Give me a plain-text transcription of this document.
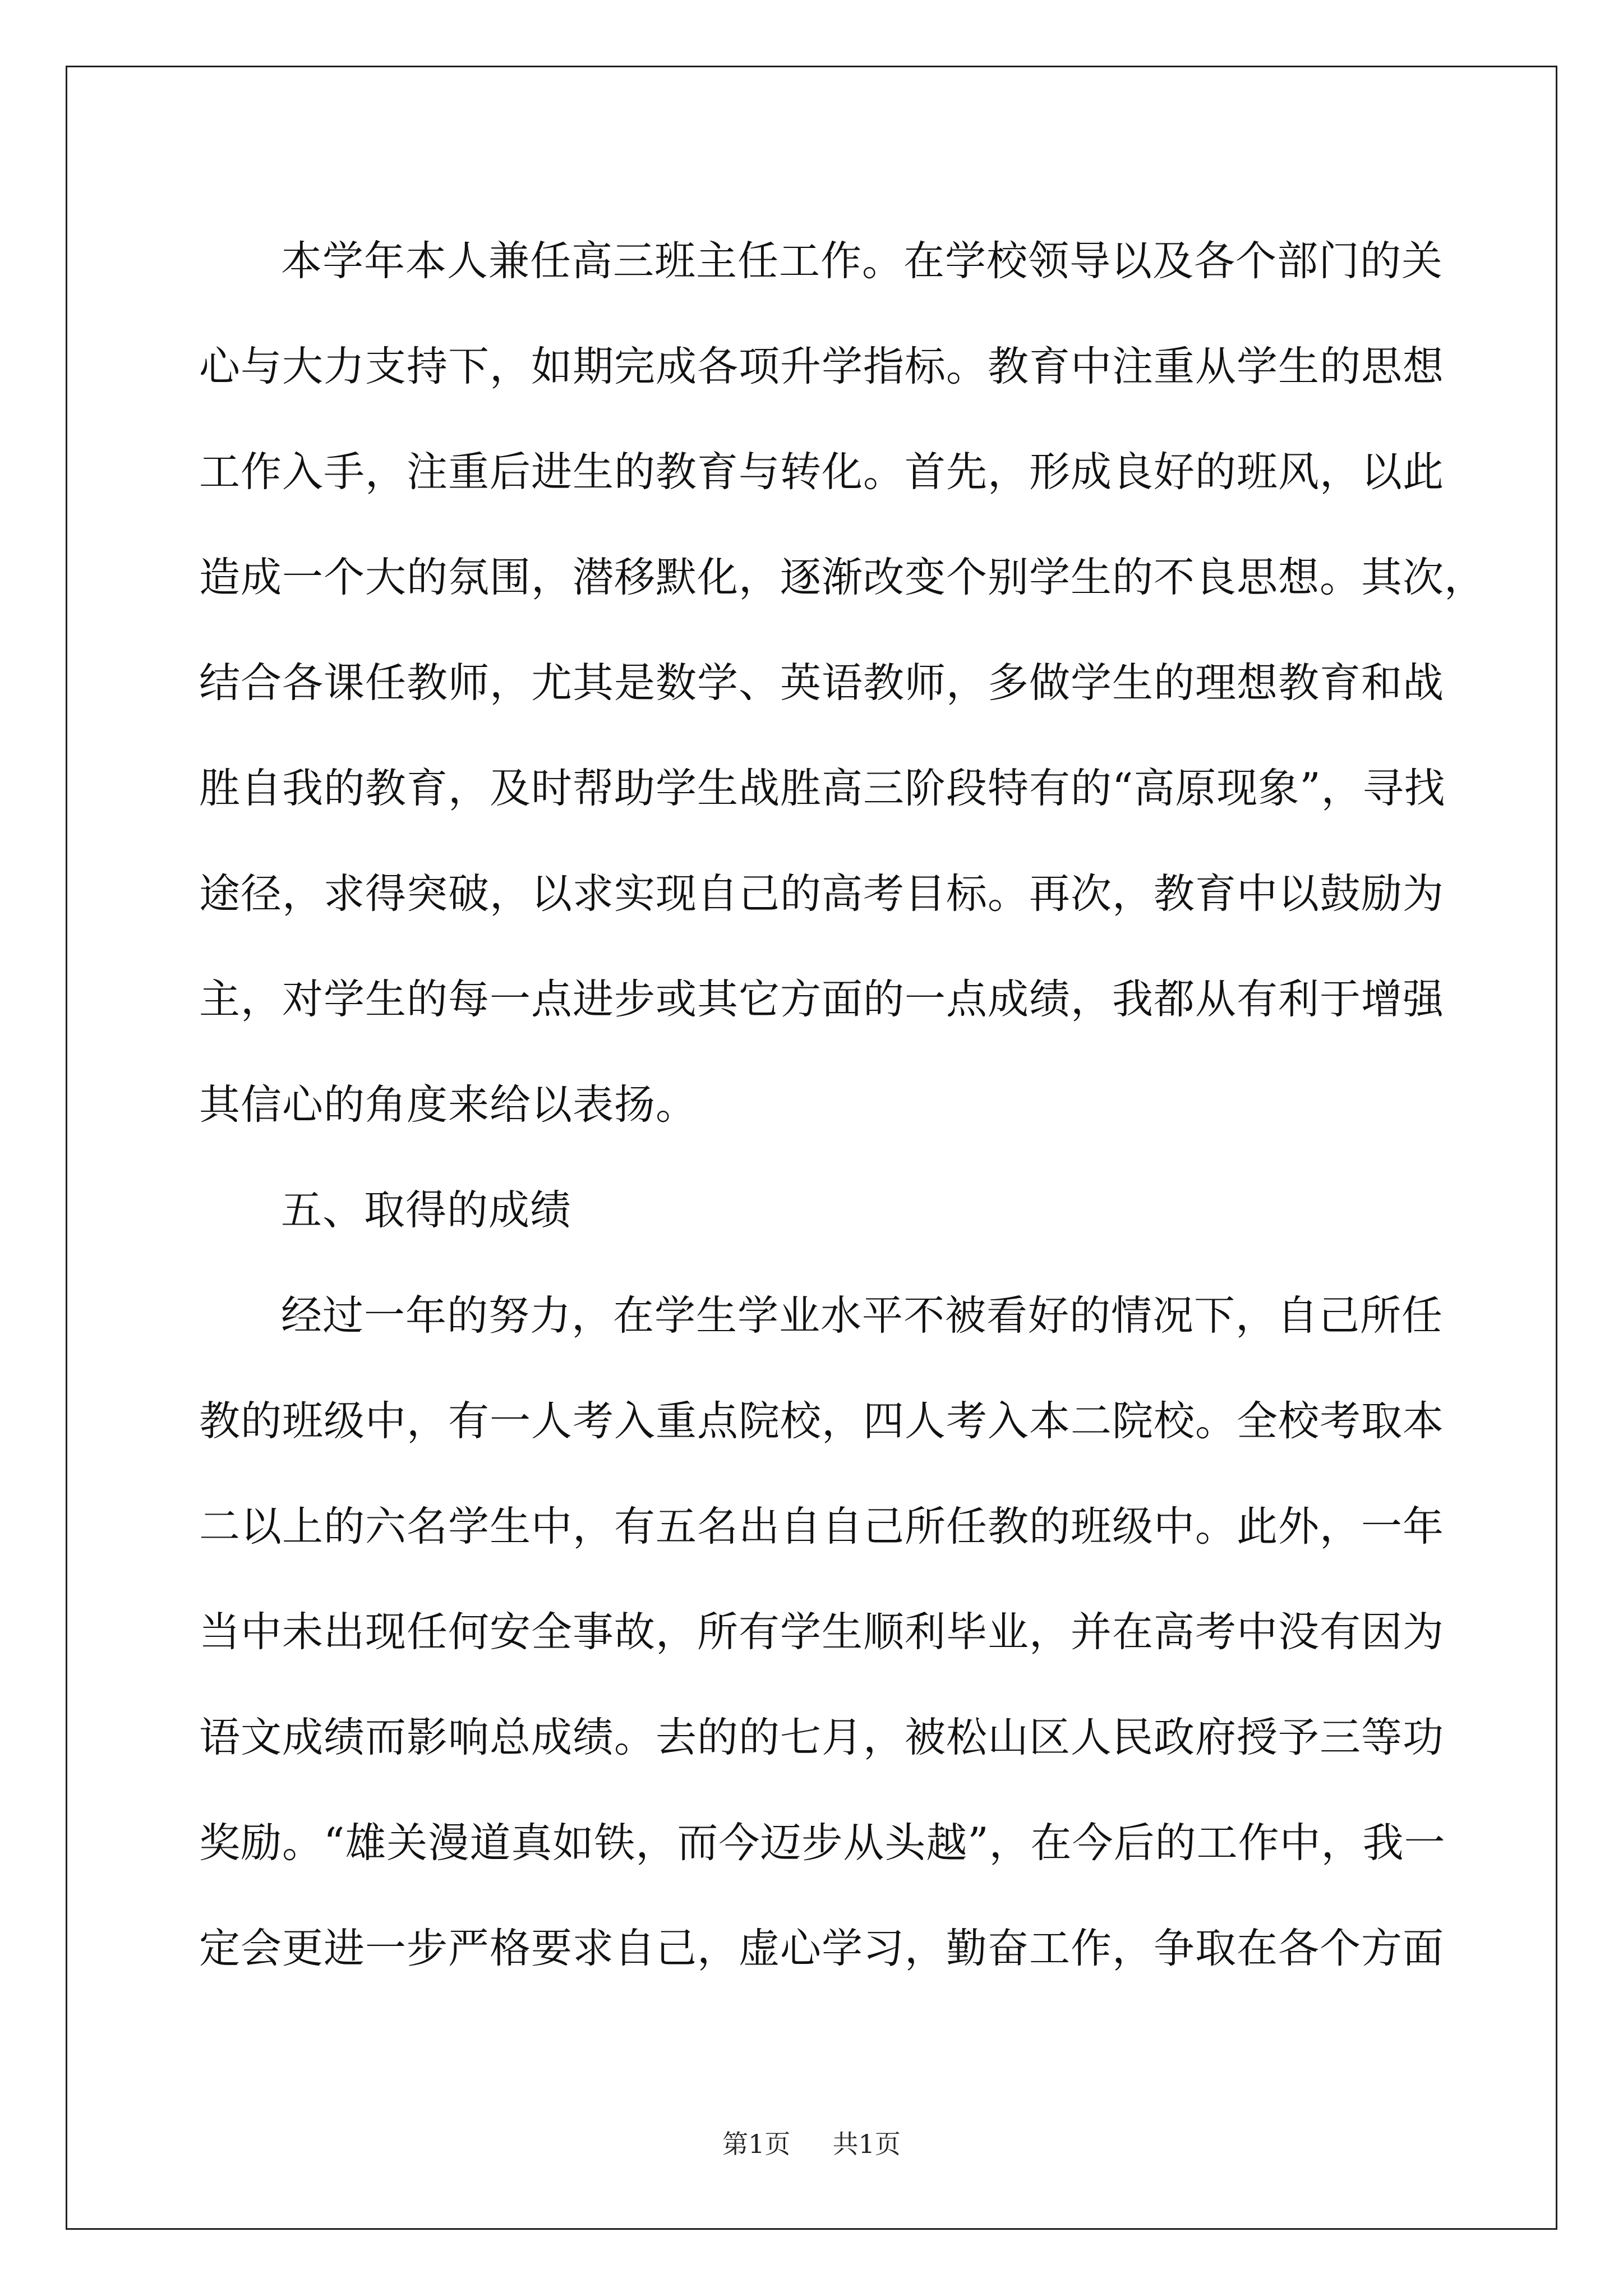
本学年本人兼任高三班主任工作。在学校领导以及各个部门的关
心与大力支持下，如期完成各项升学指标。教育中注重从学生的思想
工作入手，注重后进生的教育与转化。首先，形成良好的班风，以此
造成一个大的氛围，潜移默化，逐渐改变个别学生的不良思想。其次，
结合各课任教师，尤其是数学、英语教师，多做学生的理想教育和战
胜自我的教育，及时帮助学生战胜高三阶段特有的“高原现象”，寻找
途径，求得突破，以求实现自己的高考目标。再次，教育中以鼓励为
主，对学生的每一点进步或其它方面的一点成绩，我都从有利于增强
其信心的角度来给以表扬。
五、取得的成绩
经过一年的努力，在学生学业水平不被看好的情况下，自己所任
教的班级中，有一人考入重点院校，四人考入本二院校。全校考取本
二以上的六名学生中，有五名出自自己所任教的班级中。此外，一年
当中未出现任何安全事故，所有学生顺利毕业，并在高考中没有因为
语文成绩而影响总成绩。去的的七月，被松山区人民政府授予三等功
奖励。“雄关漫道真如铁，而今迈步从头越”，在今后的工作中，我一
定会更进一步严格要求自己，虚心学习，勤奋工作，争取在各个方面
第1页 共1页
